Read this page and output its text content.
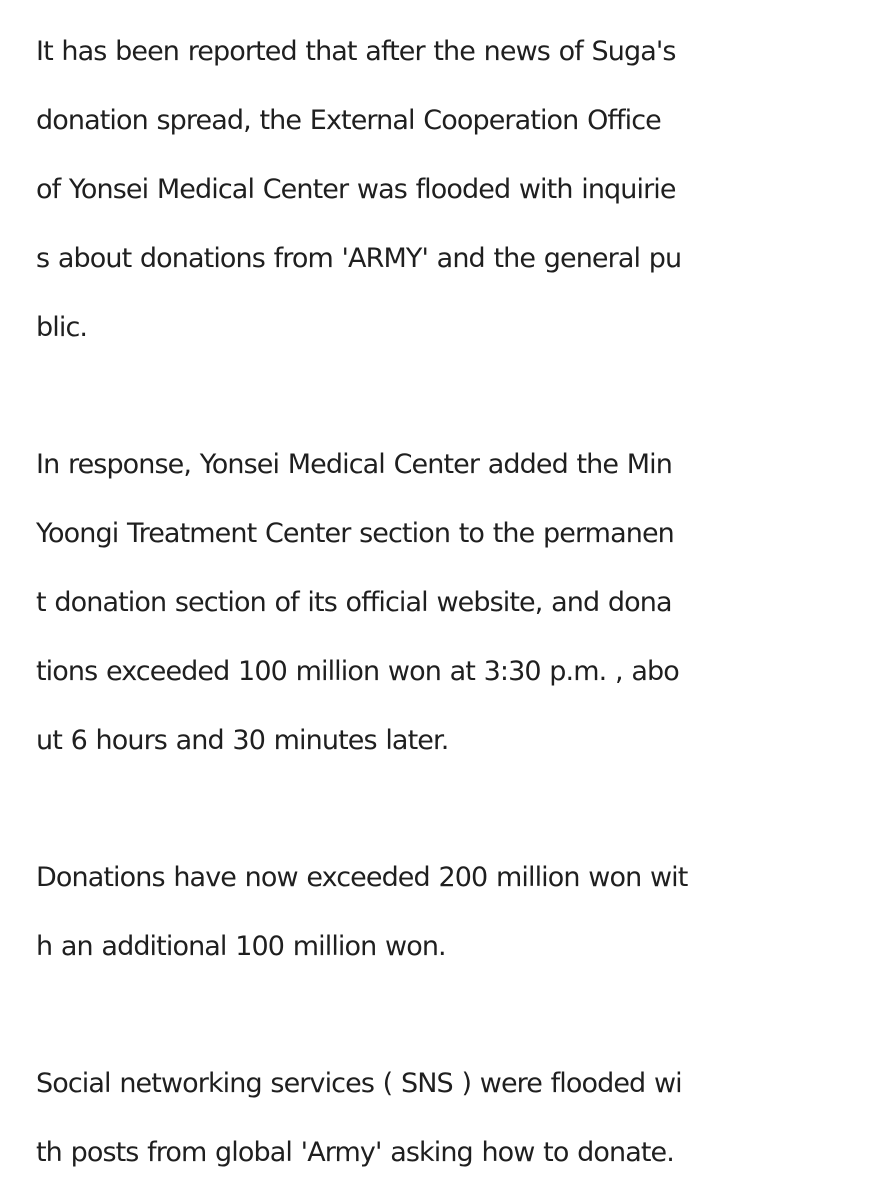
It has been reported that after the news of Suga's
donation spread, the External Cooperation Office
of Yonsei Medical Center was flooded with inquirie
s about donations from 'ARMY' and the general pu
blic.
In response, Yonsei Medical Center added the Min
Yoongi Treatment Center section to the permanen
t donation section of its official website, and dona
tions exceeded 100 million won at 3:30 p.m. , abo
ut 6 hours and 30 minutes later.
Donations have now exceeded 200 million won wit
h an additional 100 million won.
Social networking services ( SNS ) were flooded wi
th posts from global 'Army' asking how to donate.
